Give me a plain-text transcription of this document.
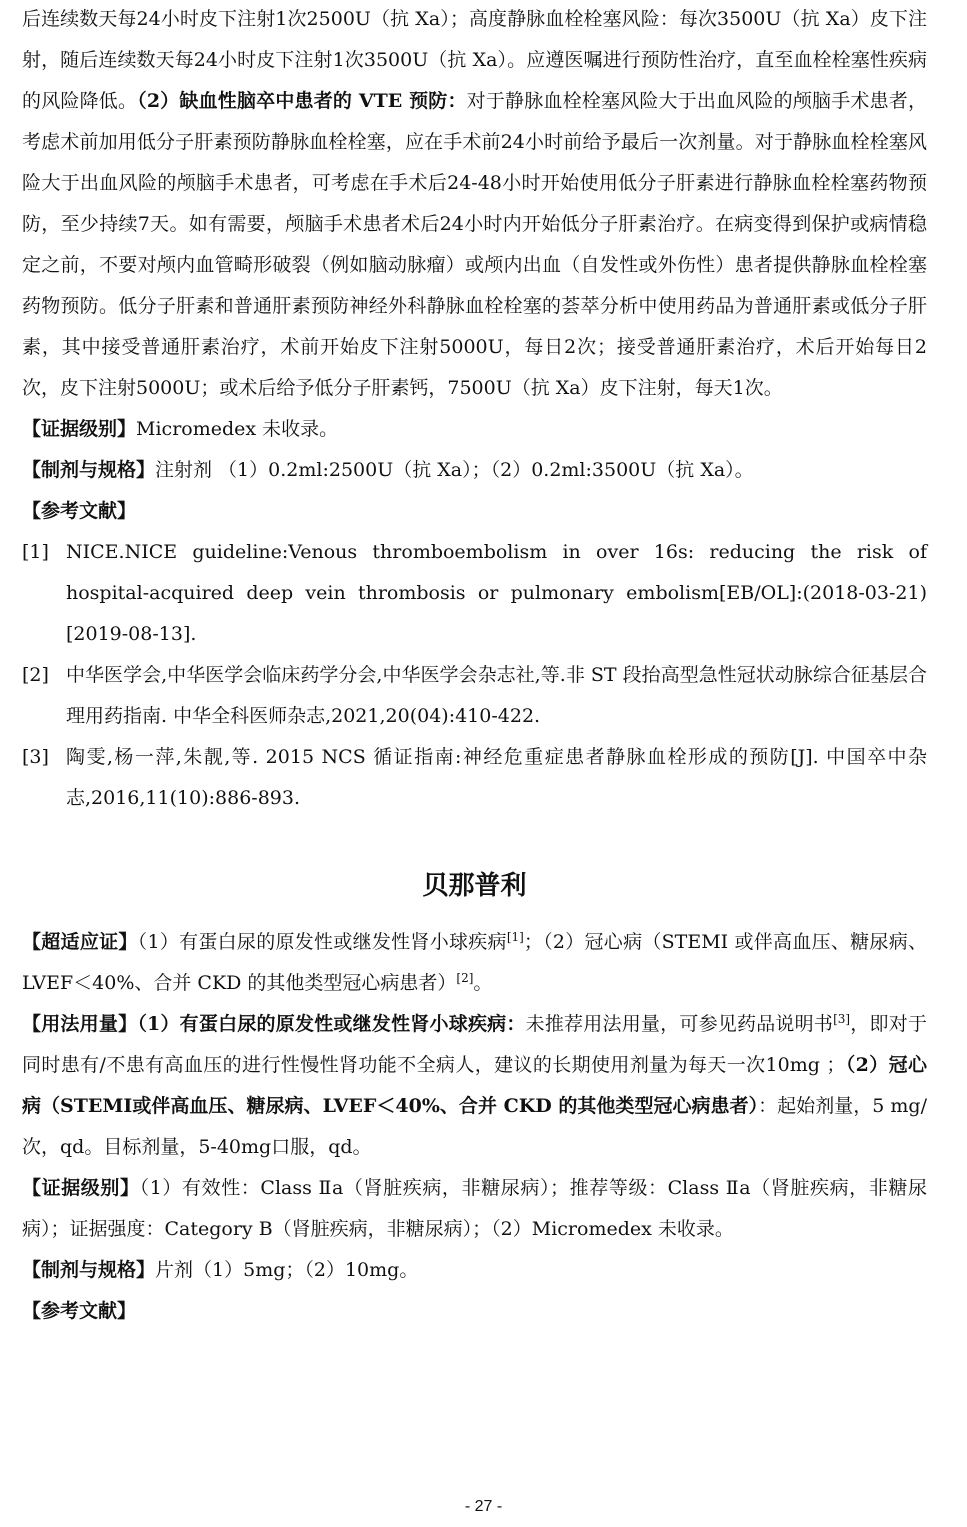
后连续数天每24小时皮下注射1次2500U（抗 Xa）；高度静脉血栓栓塞风险：每次3500U（抗 Xa）皮下注射，随后连续数天每24小时皮下注射1次3500U（抗 Xa）。应遵医嘱进行预防性治疗，直至血栓栓塞性疾病的风险降低。（2）缺血性脑卒中患者的 VTE 预防：对于静脉血栓栓塞风险大于出血风险的颅脑手术患者，考虑术前加用低分子肝素预防静脉血栓栓塞，应在手术前24小时前给予最后一次剂量。对于静脉血栓栓塞风险大于出血风险的颅脑手术患者，可考虑在手术后24-48小时开始使用低分子肝素进行静脉血栓栓塞药物预防，至少持续7天。如有需要，颅脑手术患者术后24小时内开始低分子肝素治疗。在病变得到保护或病情稳定之前，不要对颅内血管畸形破裂（例如脑动脉瘤）或颅内出血（自发性或外伤性）患者提供静脉血栓栓塞药物预防。低分子肝素和普通肝素预防神经外科静脉血栓栓塞的荟萃分析中使用药品为普通肝素或低分子肝素，其中接受普通肝素治疗，术前开始皮下注射5000U，每日2次；接受普通肝素治疗，术后开始每日2次，皮下注射5000U；或术后给予低分子肝素钙，7500U（抗 Xa）皮下注射，每天1次。

【证据级别】Micromedex 未收录。

【制剂与规格】注射剂 （1）0.2ml:2500U（抗 Xa）；（2）0.2ml:3500U（抗 Xa）。

【参考文献】

[1] NICE.NICE guideline:Venous thromboembolism in over 16s: reducing the risk of hospital-acquired deep vein thrombosis or pulmonary embolism[EB/OL]:(2018-03-21)[2019-08-13].

[2] 中华医学会,中华医学会临床药学分会,中华医学会杂志社,等.非 ST 段抬高型急性冠状动脉综合征基层合理用药指南. 中华全科医师杂志,2021,20(04):410-422.

[3] 陶雯,杨一萍,朱靓,等. 2015 NCS 循证指南:神经危重症患者静脉血栓形成的预防[J]. 中国卒中杂志,2016,11(10):886-893.

贝那普利

【超适应证】（1）有蛋白尿的原发性或继发性肾小球疾病[1]；（2）冠心病（STEMI 或伴高血压、糖尿病、LVEF＜40%、合并 CKD 的其他类型冠心病患者）[2]。

【用法用量】（1）有蛋白尿的原发性或继发性肾小球疾病：未推荐用法用量，可参见药品说明书[3]，即对于同时患有/不患有高血压的进行性慢性肾功能不全病人，建议的长期使用剂量为每天一次10mg ；（2）冠心病（STEMI或伴高血压、糖尿病、LVEF＜40%、合并 CKD 的其他类型冠心病患者）：起始剂量，5 mg/次，qd。目标剂量，5-40mg口服，qd。

【证据级别】（1）有效性：Class Ⅱa（肾脏疾病，非糖尿病）；推荐等级：Class Ⅱa（肾脏疾病，非糖尿病）；证据强度：Category B（肾脏疾病，非糖尿病）；（2）Micromedex 未收录。

【制剂与规格】片剂（1）5mg；（2）10mg。

【参考文献】

- 27 -
